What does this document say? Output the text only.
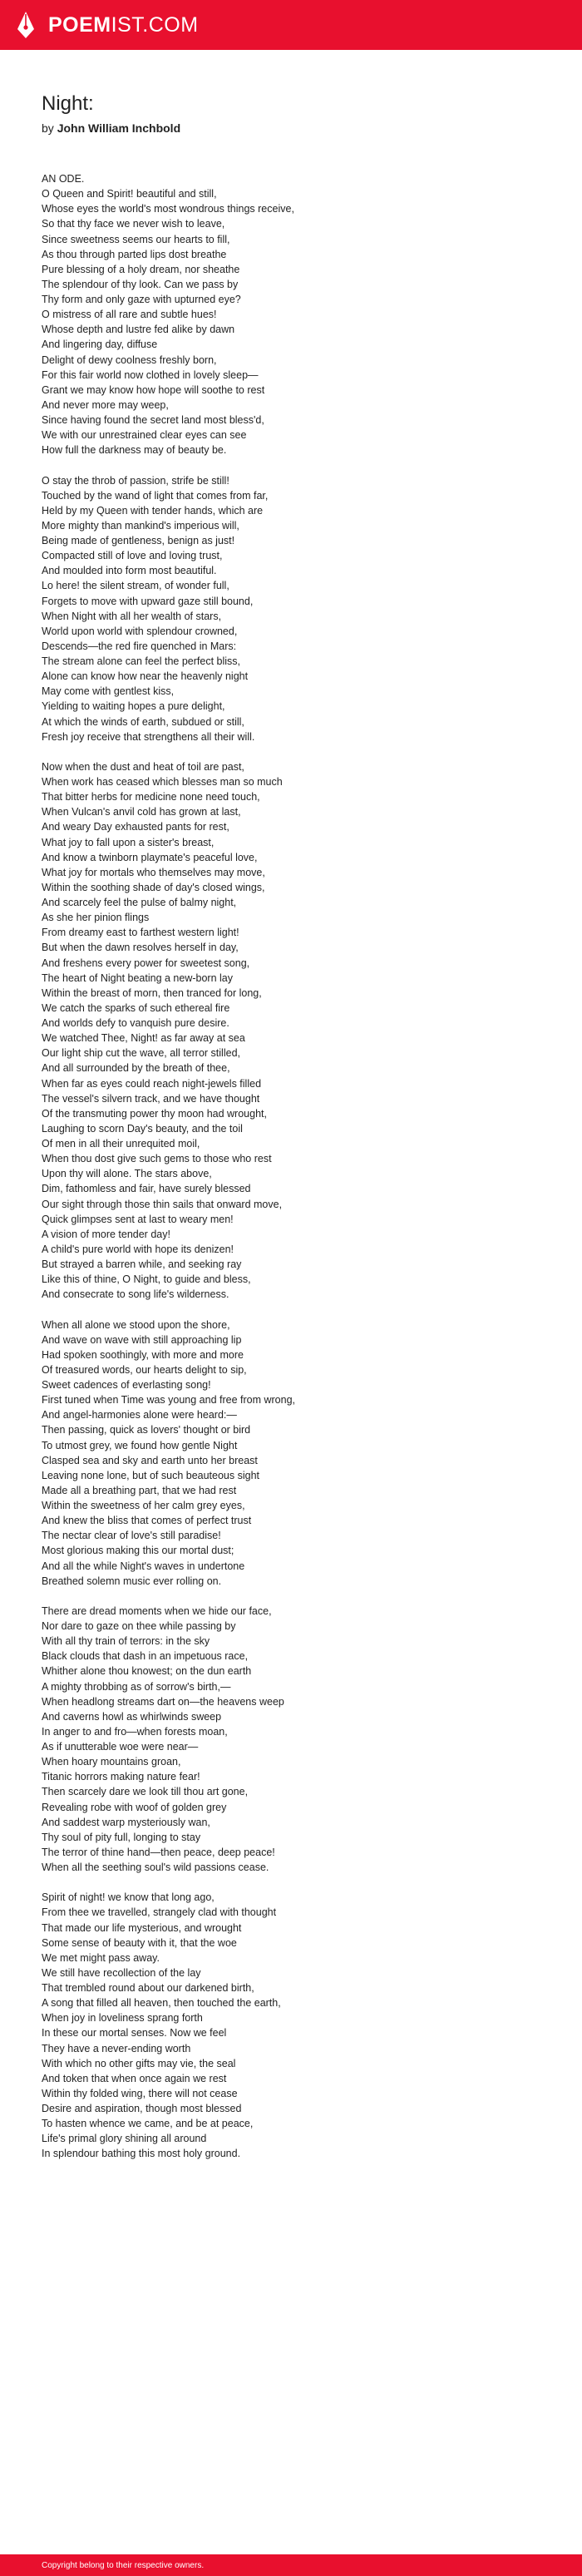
POEMIST.COM
Night:
by John William Inchbold
AN ODE.
O Queen and Spirit! beautiful and still,
Whose eyes the world's most wondrous things receive,
So that thy face we never wish to leave,
Since sweetness seems our hearts to fill,
As thou through parted lips dost breathe
Pure blessing of a holy dream, nor sheathe
The splendour of thy look. Can we pass by
Thy form and only gaze with upturned eye?
O mistress of all rare and subtle hues!
Whose depth and lustre fed alike by dawn
And lingering day, diffuse
Delight of dewy coolness freshly born,
For this fair world now clothed in lovely sleep—
Grant we may know how hope will soothe to rest
And never more may weep,
Since having found the secret land most bless'd,
We with our unrestrained clear eyes can see
How full the darkness may of beauty be.

O stay the throb of passion, strife be still!
Touched by the wand of light that comes from far,
Held by my Queen with tender hands, which are
More mighty than mankind's imperious will,
Being made of gentleness, benign as just!
Compacted still of love and loving trust,
And moulded into form most beautiful.
Lo here! the silent stream, of wonder full,
Forgets to move with upward gaze still bound,
When Night with all her wealth of stars,
World upon world with splendour crowned,
Descends—the red fire quenched in Mars:
The stream alone can feel the perfect bliss,
Alone can know how near the heavenly night
May come with gentlest kiss,
Yielding to waiting hopes a pure delight,
At which the winds of earth, subdued or still,
Fresh joy receive that strengthens all their will.

Now when the dust and heat of toil are past,
When work has ceased which blesses man so much
That bitter herbs for medicine none need touch,
When Vulcan's anvil cold has grown at last,
And weary Day exhausted pants for rest,
What joy to fall upon a sister's breast,
And know a twinborn playmate's peaceful love,
What joy for mortals who themselves may move,
Within the soothing shade of day's closed wings,
And scarcely feel the pulse of balmy night,
As she her pinion flings
From dreamy east to farthest western light!
But when the dawn resolves herself in day,
And freshens every power for sweetest song,
The heart of Night beating a new-born lay
Within the breast of morn, then tranced for long,
We catch the sparks of such ethereal fire
And worlds defy to vanquish pure desire.
We watched Thee, Night! as far away at sea
Our light ship cut the wave, all terror stilled,
And all surrounded by the breath of thee,
When far as eyes could reach night-jewels filled
The vessel's silvern track, and we have thought
Of the transmuting power thy moon had wrought,
Laughing to scorn Day's beauty, and the toil
Of men in all their unrequited moil,
When thou dost give such gems to those who rest
Upon thy will alone. The stars above,
Dim, fathomless and fair, have surely blessed
Our sight through those thin sails that onward move,
Quick glimpses sent at last to weary men!
A vision of more tender day!
A child's pure world with hope its denizen!
But strayed a barren while, and seeking ray
Like this of thine, O Night, to guide and bless,
And consecrate to song life's wilderness.

When all alone we stood upon the shore,
And wave on wave with still approaching lip
Had spoken soothingly, with more and more
Of treasured words, our hearts delight to sip,
Sweet cadences of everlasting song!
First tuned when Time was young and free from wrong,
And angel-harmonies alone were heard:—
Then passing, quick as lovers' thought or bird
To utmost grey, we found how gentle Night
Clasped sea and sky and earth unto her breast
Leaving none lone, but of such beauteous sight
Made all a breathing part, that we had rest
Within the sweetness of her calm grey eyes,
And knew the bliss that comes of perfect trust
The nectar clear of love's still paradise!
Most glorious making this our mortal dust;
And all the while Night's waves in undertone
Breathed solemn music ever rolling on.

There are dread moments when we hide our face,
Nor dare to gaze on thee while passing by
With all thy train of terrors: in the sky
Black clouds that dash in an impetuous race,
Whither alone thou knowest; on the dun earth
A mighty throbbing as of sorrow's birth,—
When headlong streams dart on—the heavens weep
And caverns howl as whirlwinds sweep
In anger to and fro—when forests moan,
As if unutterable woe were near—
When hoary mountains groan,
Titanic horrors making nature fear!
Then scarcely dare we look till thou art gone,
Revealing robe with woof of golden grey
And saddest warp mysteriously wan,
Thy soul of pity full, longing to stay
The terror of thine hand—then peace, deep peace!
When all the seething soul's wild passions cease.

Spirit of night! we know that long ago,
From thee we travelled, strangely clad with thought
That made our life mysterious, and wrought
Some sense of beauty with it, that the woe
We met might pass away.
We still have recollection of the lay
That trembled round about our darkened birth,
A song that filled all heaven, then touched the earth,
When joy in loveliness sprang forth
In these our mortal senses. Now we feel
They have a never-ending worth
With which no other gifts may vie, the seal
And token that when once again we rest
Within thy folded wing, there will not cease
Desire and aspiration, though most blessed
To hasten whence we came, and be at peace,
Life's primal glory shining all around
In splendour bathing this most holy ground.
Copyright belong to their respective owners.
